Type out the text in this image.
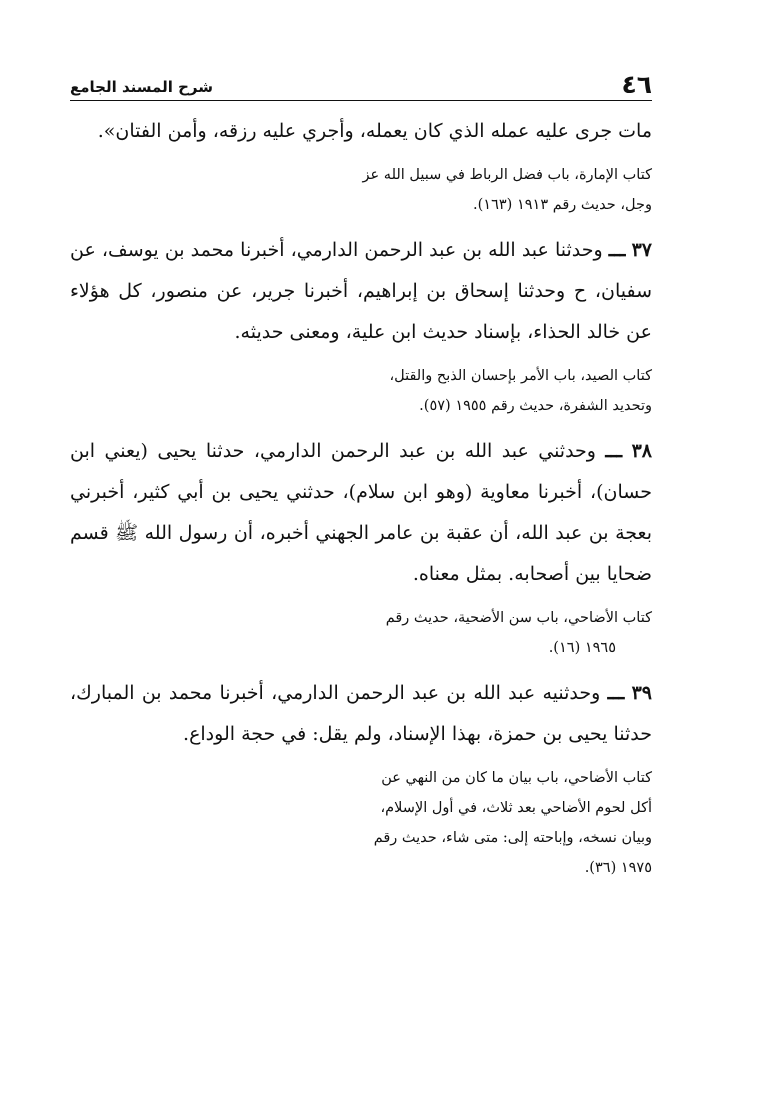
٤٦
شرح المسند الجامع

مات جرى عليه عمله الذي كان يعمله، وأجري عليه رزقه، وأمن الفتان».

كتاب الإمارة، باب فضل الرباط في سبيل الله عز
وجل، حديث رقم ١٩١٣ (١٦٣).

٣٧ ـــ وحدثنا عبد الله بن عبد الرحمن الدارمي، أخبرنا محمد بن يوسف، عن سفيان، ح وحدثنا إسحاق بن إبراهيم، أخبرنا جرير، عن منصور، كل هؤلاء عن خالد الحذاء، بإسناد حديث ابن علية، ومعنى حديثه.

كتاب الصيد، باب الأمر بإحسان الذبح والقتل،
وتحديد الشفرة، حديث رقم ١٩٥٥ (٥٧).

٣٨ ـــ وحدثني عبد الله بن عبد الرحمن الدارمي، حدثنا يحيى (يعني ابن حسان)، أخبرنا معاوية (وهو ابن سلام)، حدثني يحيى بن أبي كثير، أخبرني بعجة بن عبد الله، أن عقبة بن عامر الجهني أخبره، أن رسول الله ﷺ قسم ضحايا بين أصحابه. بمثل معناه.

كتاب الأضاحي، باب سن الأضحية، حديث رقم
١٩٦٥ (١٦).

٣٩ ـــ وحدثنيه عبد الله بن عبد الرحمن الدارمي، أخبرنا محمد بن المبارك، حدثنا يحيى بن حمزة، بهذا الإسناد، ولم يقل: في حجة الوداع.

كتاب الأضاحي، باب بيان ما كان من النهي عن
أكل لحوم الأضاحي بعد ثلاث، في أول الإسلام،
وبيان نسخه، وإباحته إلى: متى شاء، حديث رقم
١٩٧٥ (٣٦).
